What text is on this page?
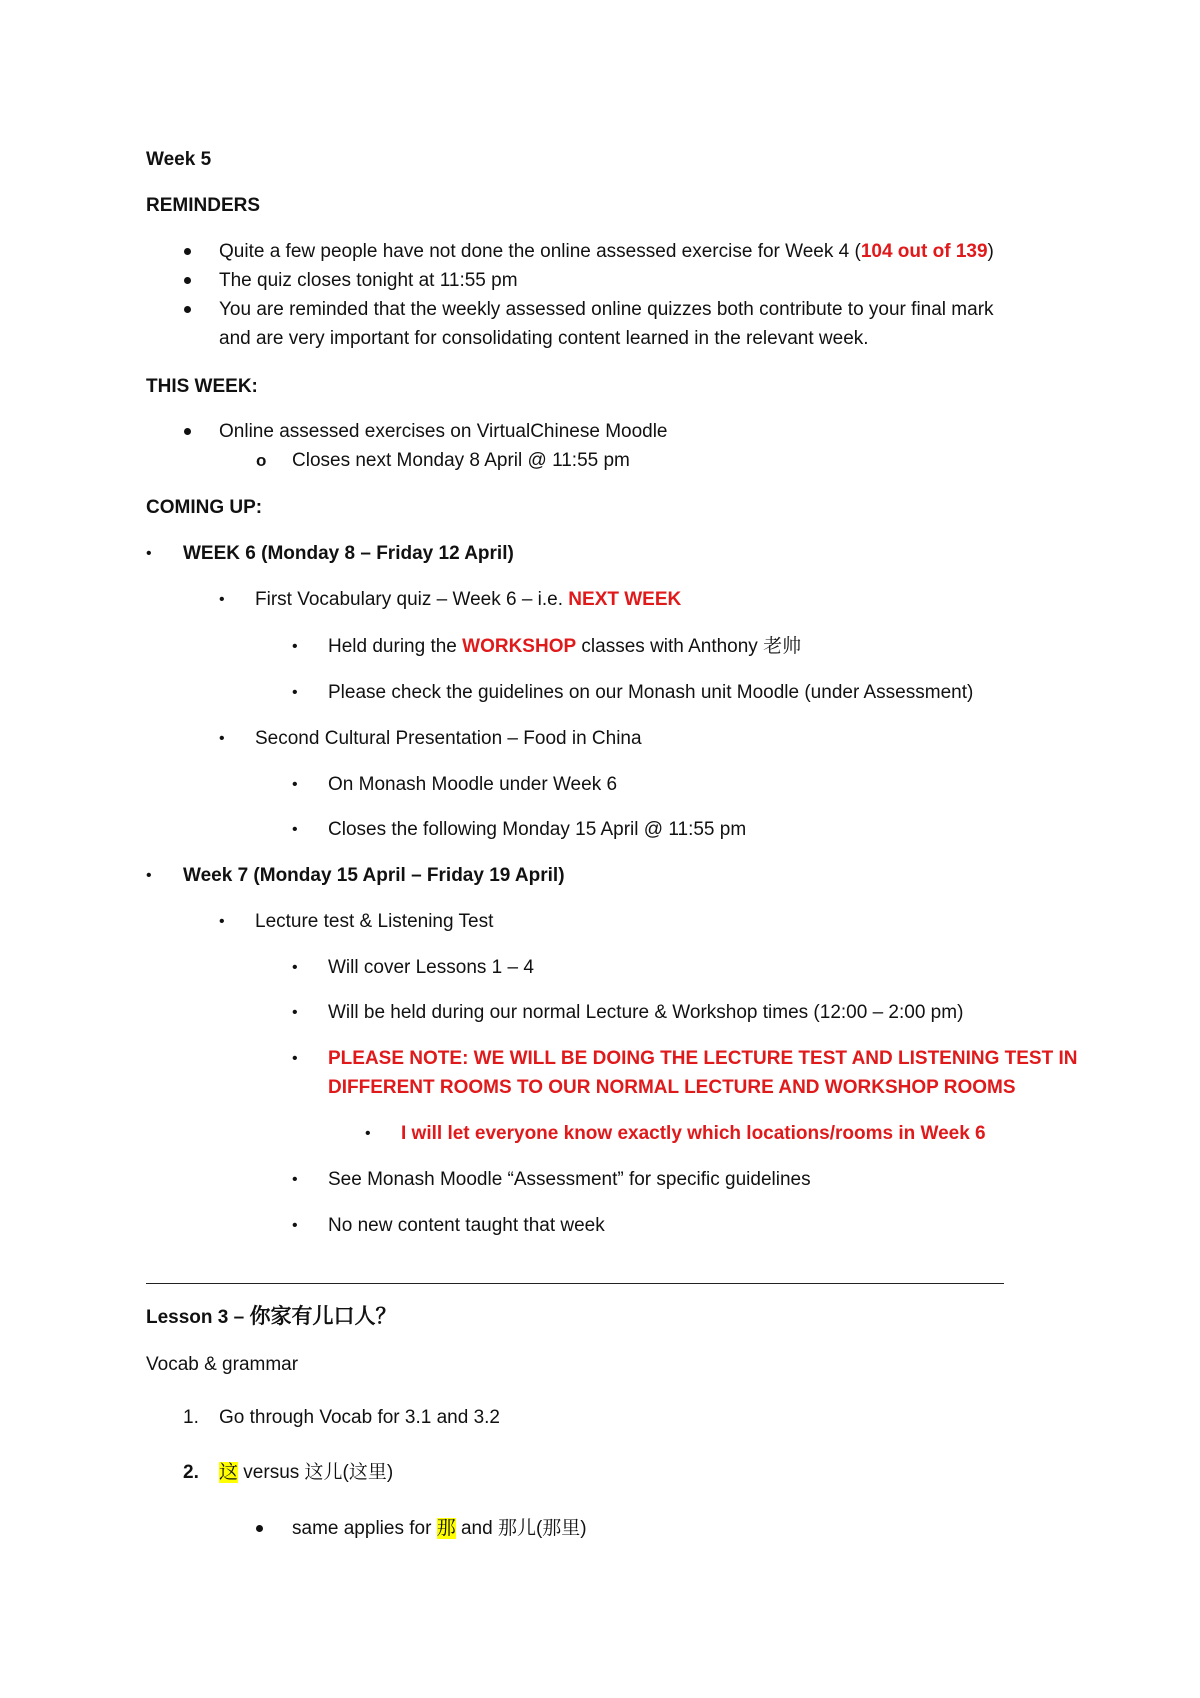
Week 5
REMINDERS
Quite a few people have not done the online assessed exercise for Week 4 (104 out of 139)
The quiz closes tonight at 11:55 pm
You are reminded that the weekly assessed online quizzes both contribute to your final mark
and are very important for consolidating content learned in the relevant week.
THIS WEEK:
Online assessed exercises on VirtualChinese Moodle
o Closes next Monday 8 April @ 11:55 pm
COMING UP:
• WEEK 6 (Monday 8 – Friday 12 April)
• First Vocabulary quiz – Week 6 – i.e. NEXT WEEK
• Held during the WORKSHOP classes with Anthony 老帅
• Please check the guidelines on our Monash unit Moodle (under Assessment)
• Second Cultural Presentation – Food in China
• On Monash Moodle under Week 6
• Closes the following Monday 15 April @ 11:55 pm
• Week 7 (Monday 15 April – Friday 19 April)
• Lecture test & Listening Test
• Will cover Lessons 1 – 4
• Will be held during our normal Lecture & Workshop times (12:00 – 2:00 pm)
• PLEASE NOTE: WE WILL BE DOING THE LECTURE TEST AND LISTENING TEST IN
DIFFERENT ROOMS TO OUR NORMAL LECTURE AND WORKSHOP ROOMS
• I will let everyone know exactly which locations/rooms in Week 6
• See Monash Moodle “Assessment” for specific guidelines
• No new content taught that week
Lesson 3 – 你家有儿口人？
Vocab & grammar
1. Go through Vocab for 3.1 and 3.2
2. 这 versus 这儿(这里)
same applies for 那 and 那儿(那里)
